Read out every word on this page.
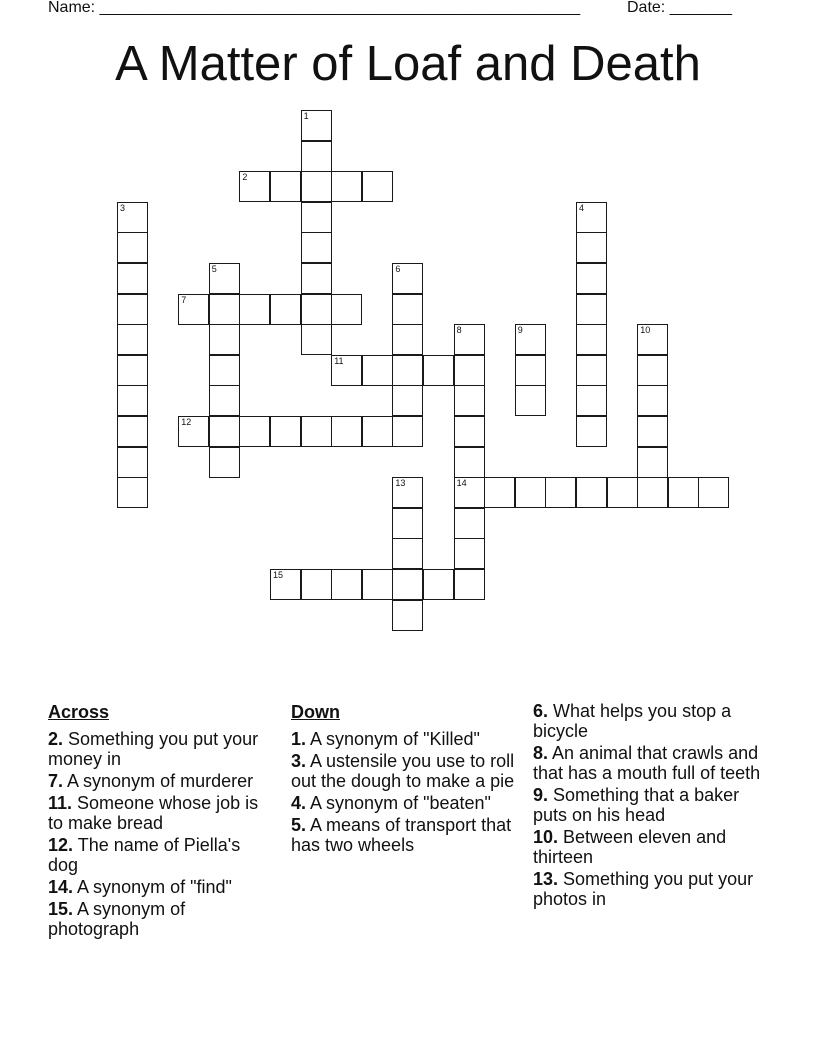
Name: ______________________________________________________	Date: _______
A Matter of Loaf and Death
1
2
3	4
5	6
7
8
14
9	10
11
12
13
15
Across
2. Something you put your money in
7. A synonym of murderer
11. Someone whose job is to make bread
12. The name of Piella's dog
14. A synonym of "find"
15. A synonym of photograph
Down
1. A synonym of "Killed"
3. A ustensile you use to roll out the dough to make a pie
4. A synonym of "beaten"
5. A means of transport that has two wheels
6. What helps you stop a bicycle
8. An animal that crawls and that has a mouth full of teeth
9. Something that a baker puts on his head
10. Between eleven and thirteen
13. Something you put your photos in
